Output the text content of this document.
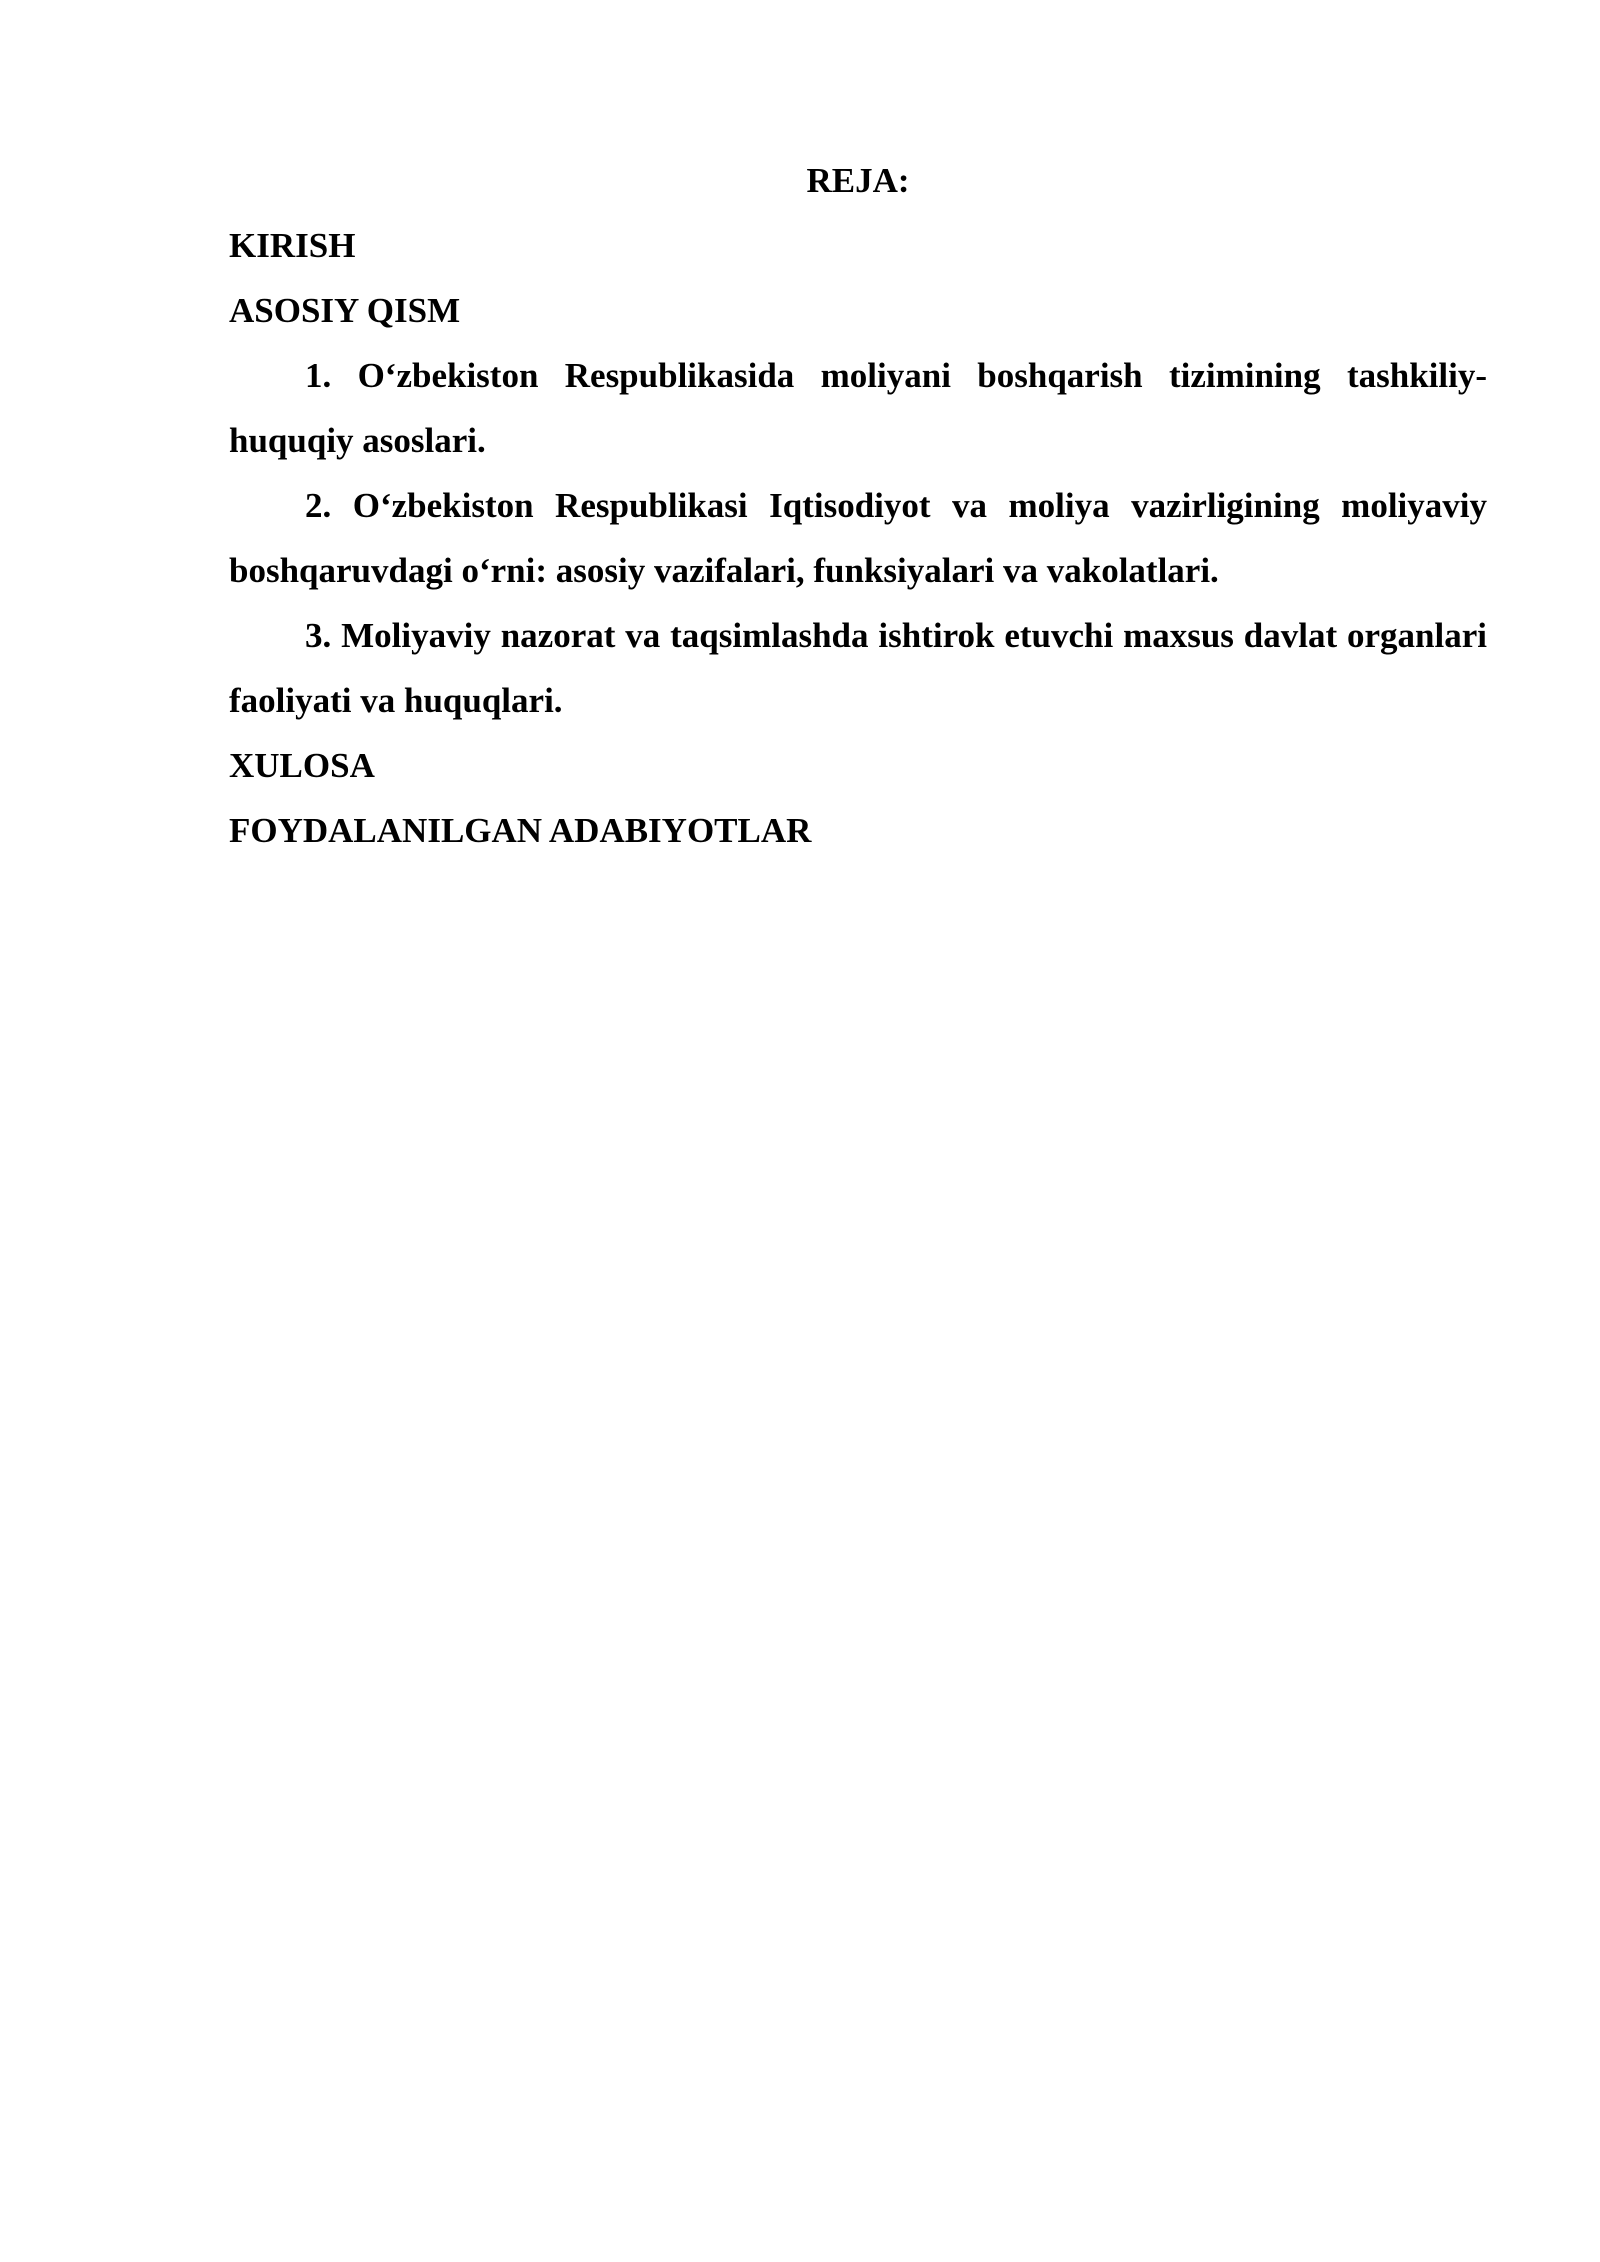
REJA:

KIRISH

ASOSIY QISM

1. O‘zbekiston Respublikasida moliyani boshqarish tizimining tashkiliy-huquqiy asoslari.

2. O‘zbekiston Respublikasi Iqtisodiyot va moliya vazirligining moliyaviy boshqaruvdagi o‘rni: asosiy vazifalari, funksiyalari va vakolatlari.

3. Moliyaviy nazorat va taqsimlashda ishtirok etuvchi maxsus davlat organlari faoliyati va huquqlari.

XULOSA

FOYDALANILGAN ADABIYOTLAR
